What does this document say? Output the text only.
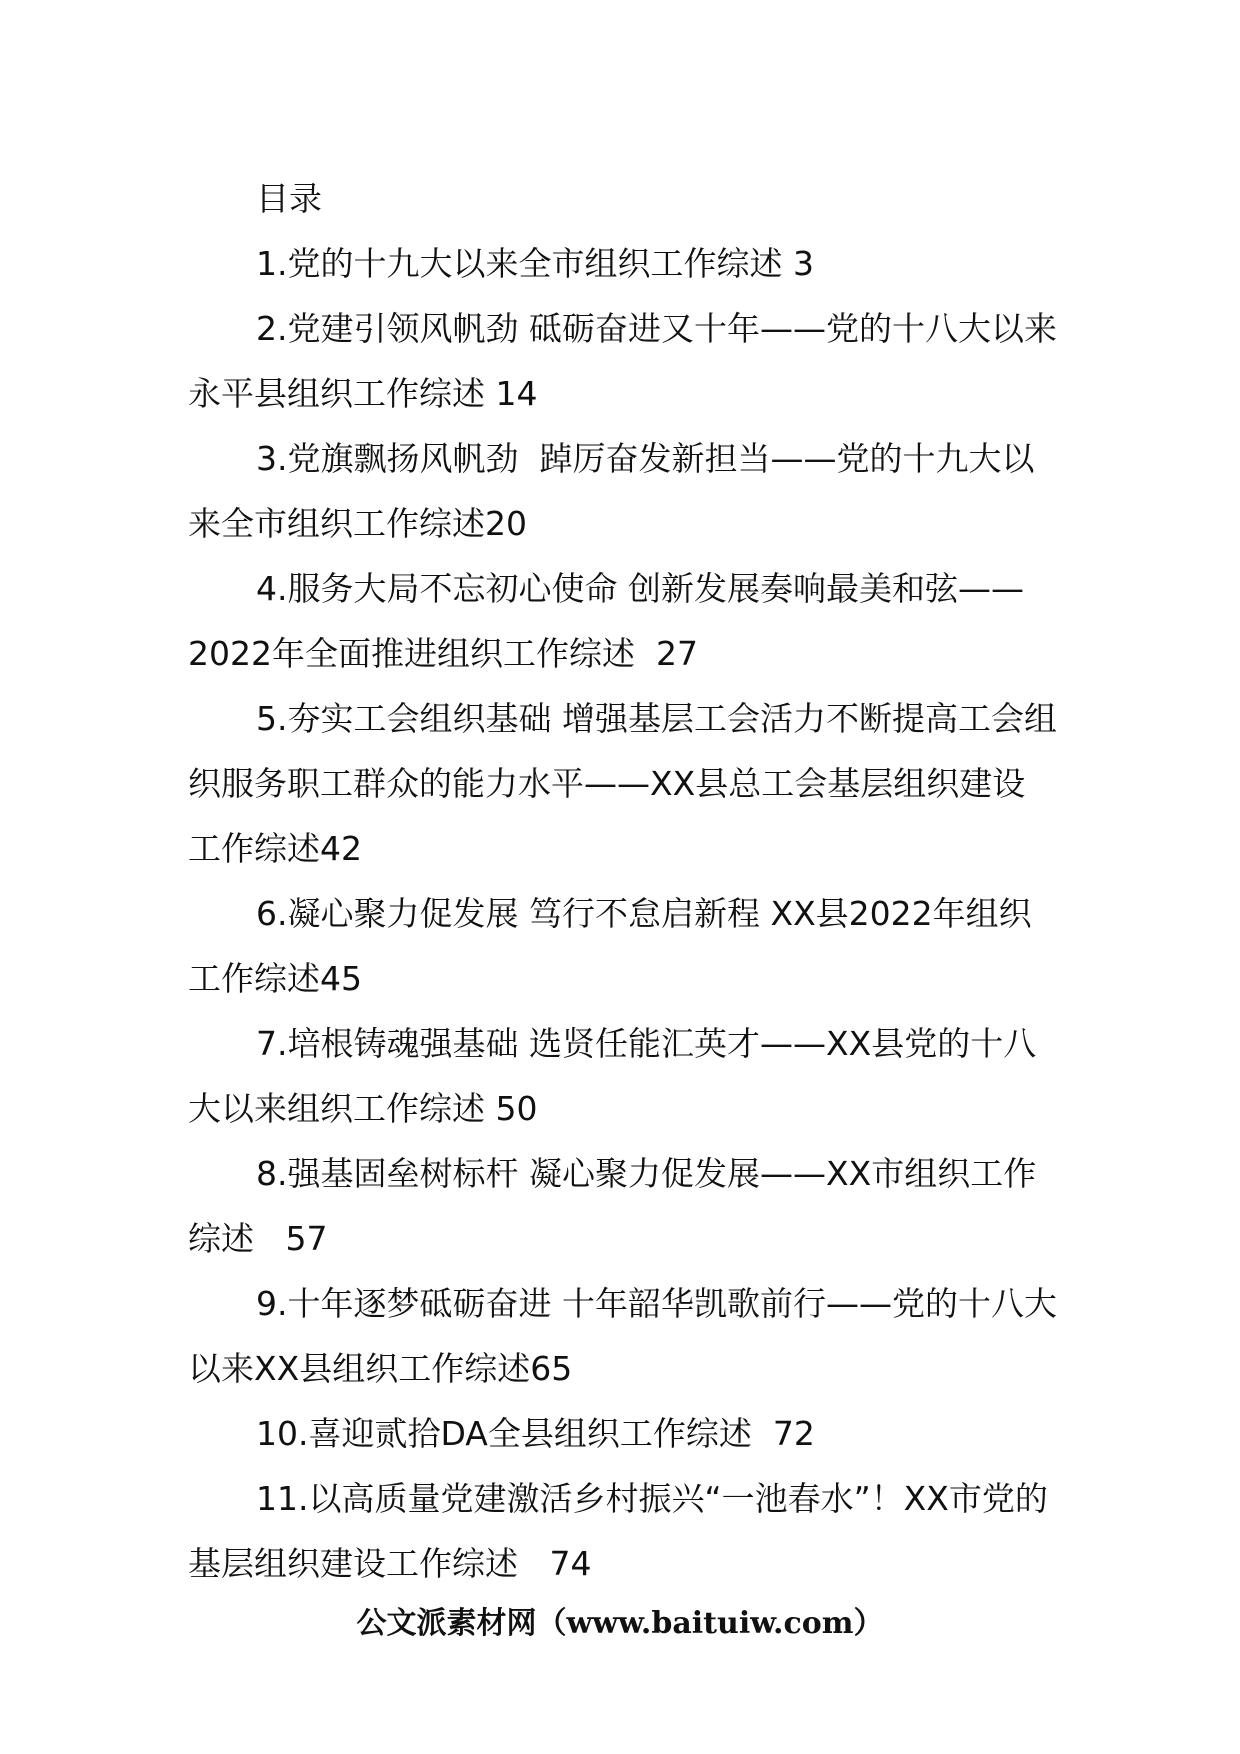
目录
1.党的十九大以来全市组织工作综述 3
2.党建引领风帆劲 砥砺奋进又十年——党的十八大以来永平县组织工作综述 14
3.党旗飘扬风帆劲  踔厉奋发新担当——党的十九大以来全市组织工作综述20
4.服务大局不忘初心使命 创新发展奏响最美和弦——2022年全面推进组织工作综述  27
5.夯实工会组织基础 增强基层工会活力不断提高工会组织服务职工群众的能力水平——XX县总工会基层组织建设工作综述42
6.凝心聚力促发展 笃行不怠启新程 XX县2022年组织工作综述45
7.培根铸魂强基础 选贤任能汇英才——XX县党的十八大以来组织工作综述 50
8.强基固垒树标杆 凝心聚力促发展——XX市组织工作综述   57
9.十年逐梦砥砺奋进 十年韶华凯歌前行——党的十八大以来XX县组织工作综述65
10.喜迎贰拾DA全县组织工作综述  72
11.以高质量党建激活乡村振兴“一池春水”！XX市党的基层组织建设工作综述   74
公文派素材网（www.baituiw.com）
